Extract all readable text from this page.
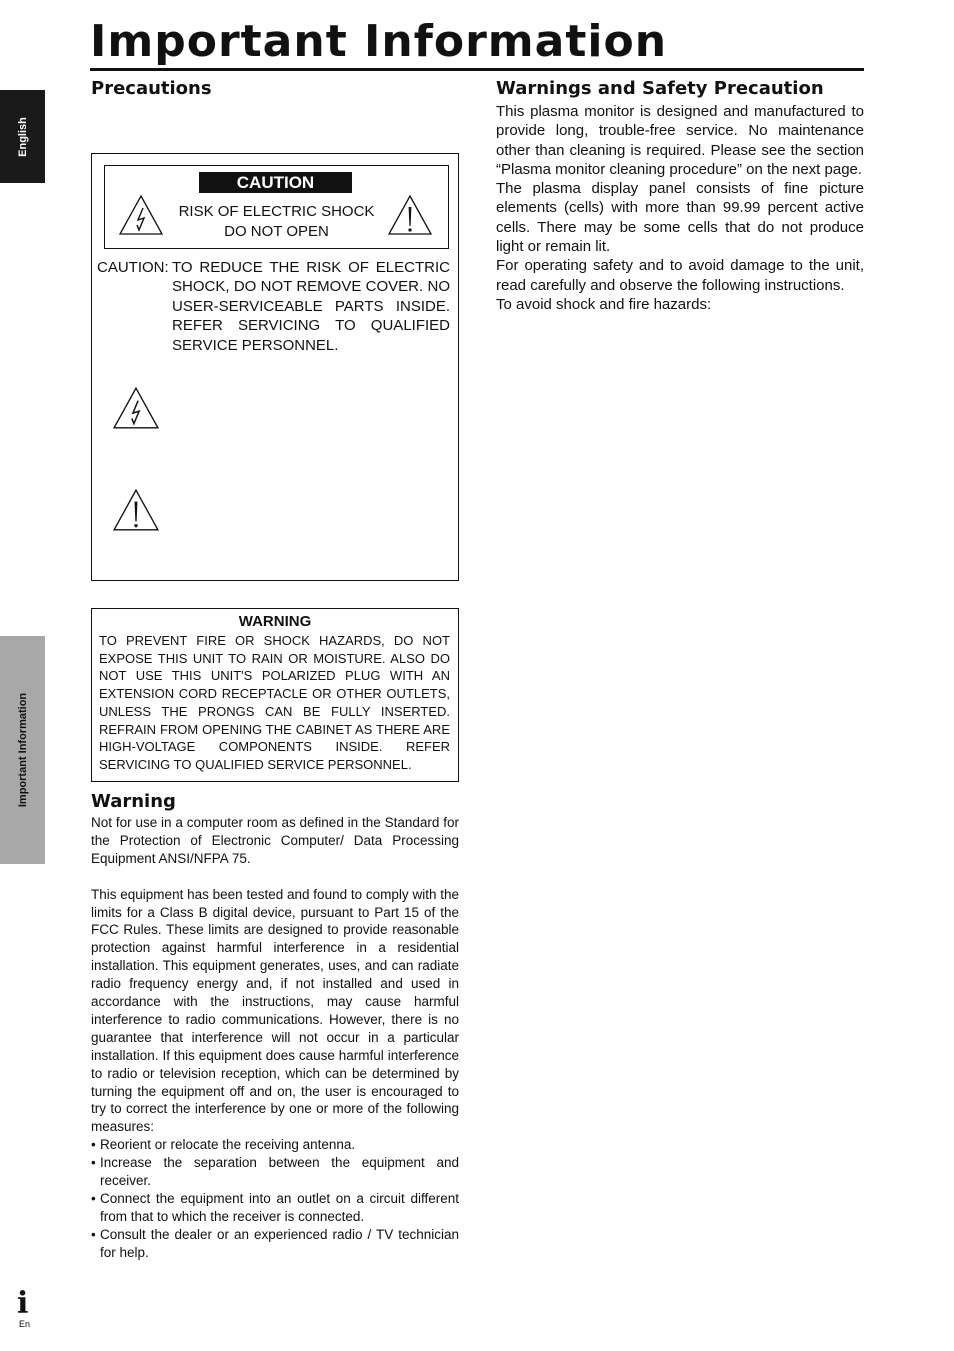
Important Information
English
Important Information
Precautions
CAUTION
RISK OF ELECTRIC SHOCK
DO NOT OPEN
CAUTION: TO REDUCE THE RISK OF ELECTRIC SHOCK, DO NOT REMOVE COVER. NO USER-SERVICEABLE PARTS INSIDE. REFER SERVICING TO QUALIFIED SERVICE PERSONNEL.
WARNING
TO PREVENT FIRE OR SHOCK HAZARDS, DO NOT EXPOSE THIS UNIT TO RAIN OR MOISTURE. ALSO DO NOT USE THIS UNIT'S POLARIZED PLUG WITH AN EXTENSION CORD RECEPTACLE OR OTHER OUTLETS, UNLESS THE PRONGS CAN BE FULLY INSERTED. REFRAIN FROM OPENING THE CABINET AS THERE ARE HIGH-VOLTAGE COMPONENTS INSIDE. REFER SERVICING TO QUALIFIED SERVICE PERSONNEL.
Warning

Not for use in a computer room as defined in the Standard for the Protection of Electronic Computer/ Data Processing Equipment ANSI/NFPA 75.

This equipment has been tested and found to comply with the limits for a Class B digital device, pursuant to Part 15 of the FCC Rules. These limits are designed to provide reasonable protection against harmful interference in a residential installation. This equipment generates, uses, and can radiate radio frequency energy and, if not installed and used in accordance with the instructions, may cause harmful interference to radio communications. However, there is no guarantee that interference will not occur in a particular installation. If this equipment does cause harmful interference to radio or television reception, which can be determined by turning the equipment off and on, the user is encouraged to try to correct the interference by one or more of the following measures:

• Reorient or relocate the receiving antenna.
• Increase the separation between the equipment and receiver.
• Connect the equipment into an outlet on a circuit different from that to which the receiver is connected.
• Consult the dealer or an experienced radio / TV technician for help.
Warnings and Safety Precaution

This plasma monitor is designed and manufactured to provide long, trouble-free service. No maintenance other than cleaning is required. Please see the section “Plasma monitor cleaning procedure” on the next page.

The plasma display panel consists of fine picture elements (cells) with more than 99.99 percent active cells. There may be some cells that do not produce light or remain lit.

For operating safety and to avoid damage to the unit, read carefully and observe the following instructions.

To avoid shock and fire hazards:

i
En
